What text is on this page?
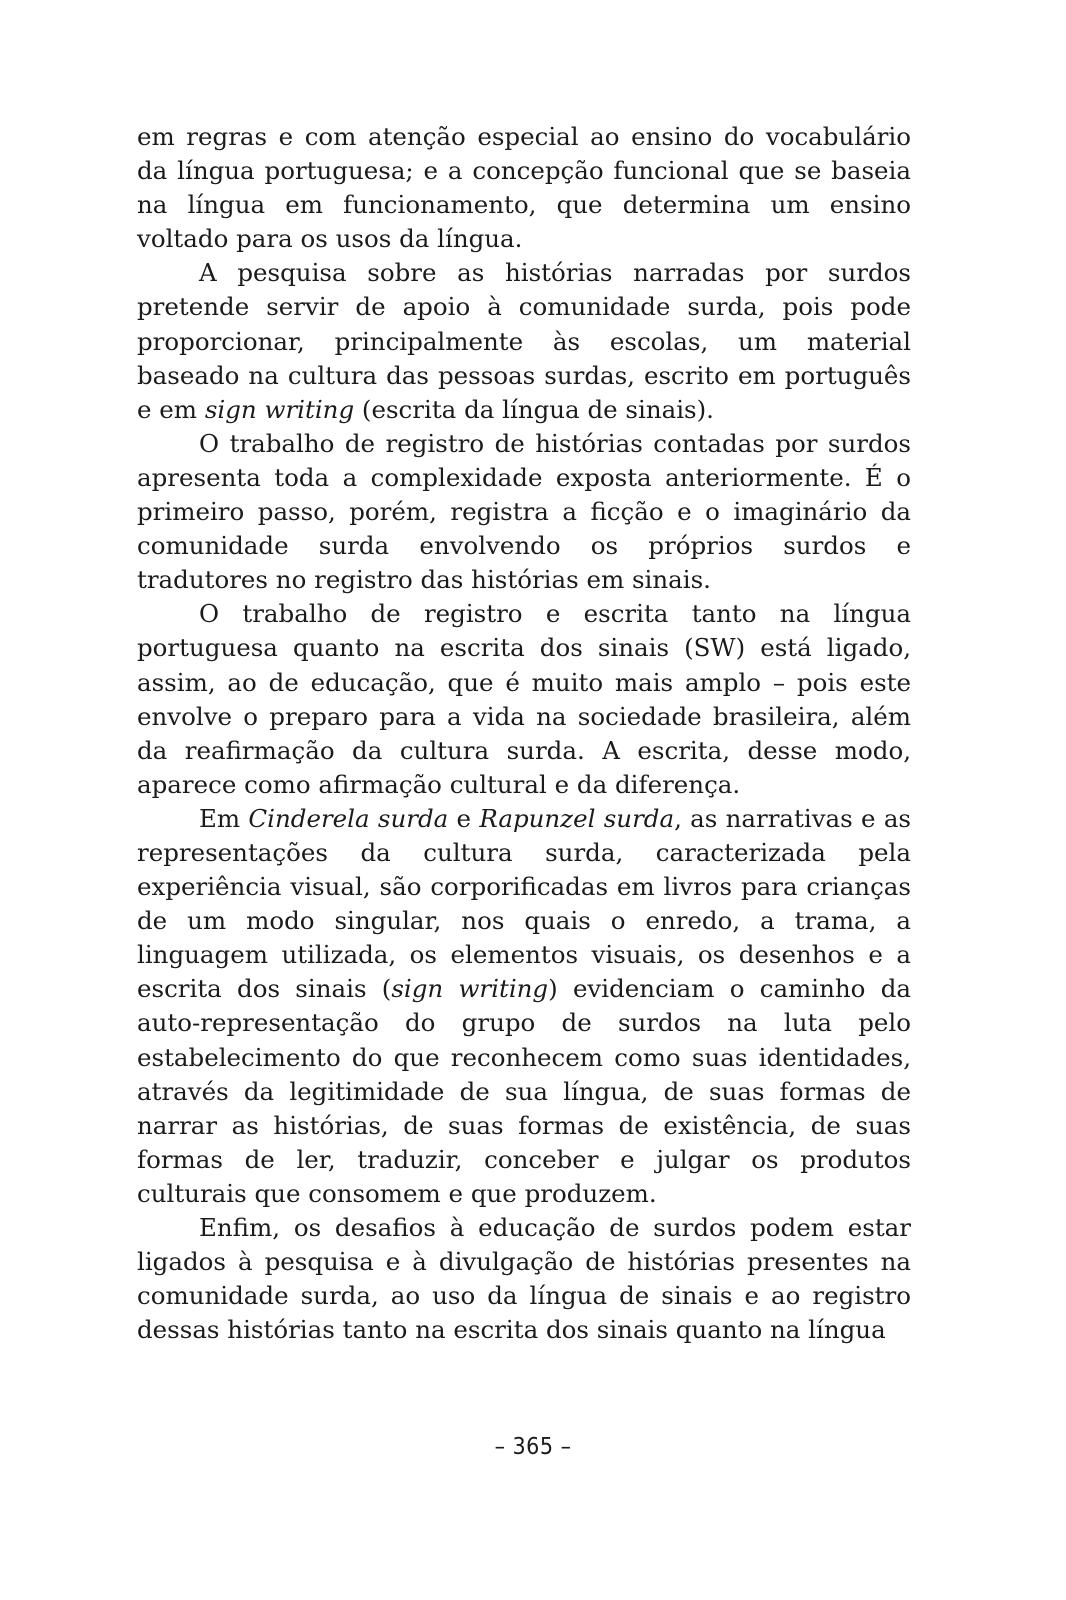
em regras e com atenção especial ao ensino do vocabulário da língua portuguesa; e a concepção funcional que se baseia na língua em funcionamento, que determina um ensino voltado para os usos da língua.

A pesquisa sobre as histórias narradas por surdos pretende servir de apoio à comunidade surda, pois pode proporcionar, principalmente às escolas, um material baseado na cultura das pessoas surdas, escrito em português e em sign writing (escrita da língua de sinais).

O trabalho de registro de histórias contadas por surdos apresenta toda a complexidade exposta anteriormente. É o primeiro passo, porém, registra a ficção e o imaginário da comunidade surda envolvendo os próprios surdos e tradutores no registro das histórias em sinais.

O trabalho de registro e escrita tanto na língua portuguesa quanto na escrita dos sinais (SW) está ligado, assim, ao de educação, que é muito mais amplo – pois este envolve o preparo para a vida na sociedade brasileira, além da reafirmação da cultura surda. A escrita, desse modo, aparece como afirmação cultural e da diferença.

Em Cinderela surda e Rapunzel surda, as narrativas e as representações da cultura surda, caracterizada pela experiência visual, são corporificadas em livros para crianças de um modo singular, nos quais o enredo, a trama, a linguagem utilizada, os elementos visuais, os desenhos e a escrita dos sinais (sign writing) evidenciam o caminho da auto-representação do grupo de surdos na luta pelo estabelecimento do que reconhecem como suas identidades, através da legitimidade de sua língua, de suas formas de narrar as histórias, de suas formas de existência, de suas formas de ler, traduzir, conceber e julgar os produtos culturais que consomem e que produzem.

Enfim, os desafios à educação de surdos podem estar ligados à pesquisa e à divulgação de histórias presentes na comunidade surda, ao uso da língua de sinais e ao registro dessas histórias tanto na escrita dos sinais quanto na língua

– 365 –
